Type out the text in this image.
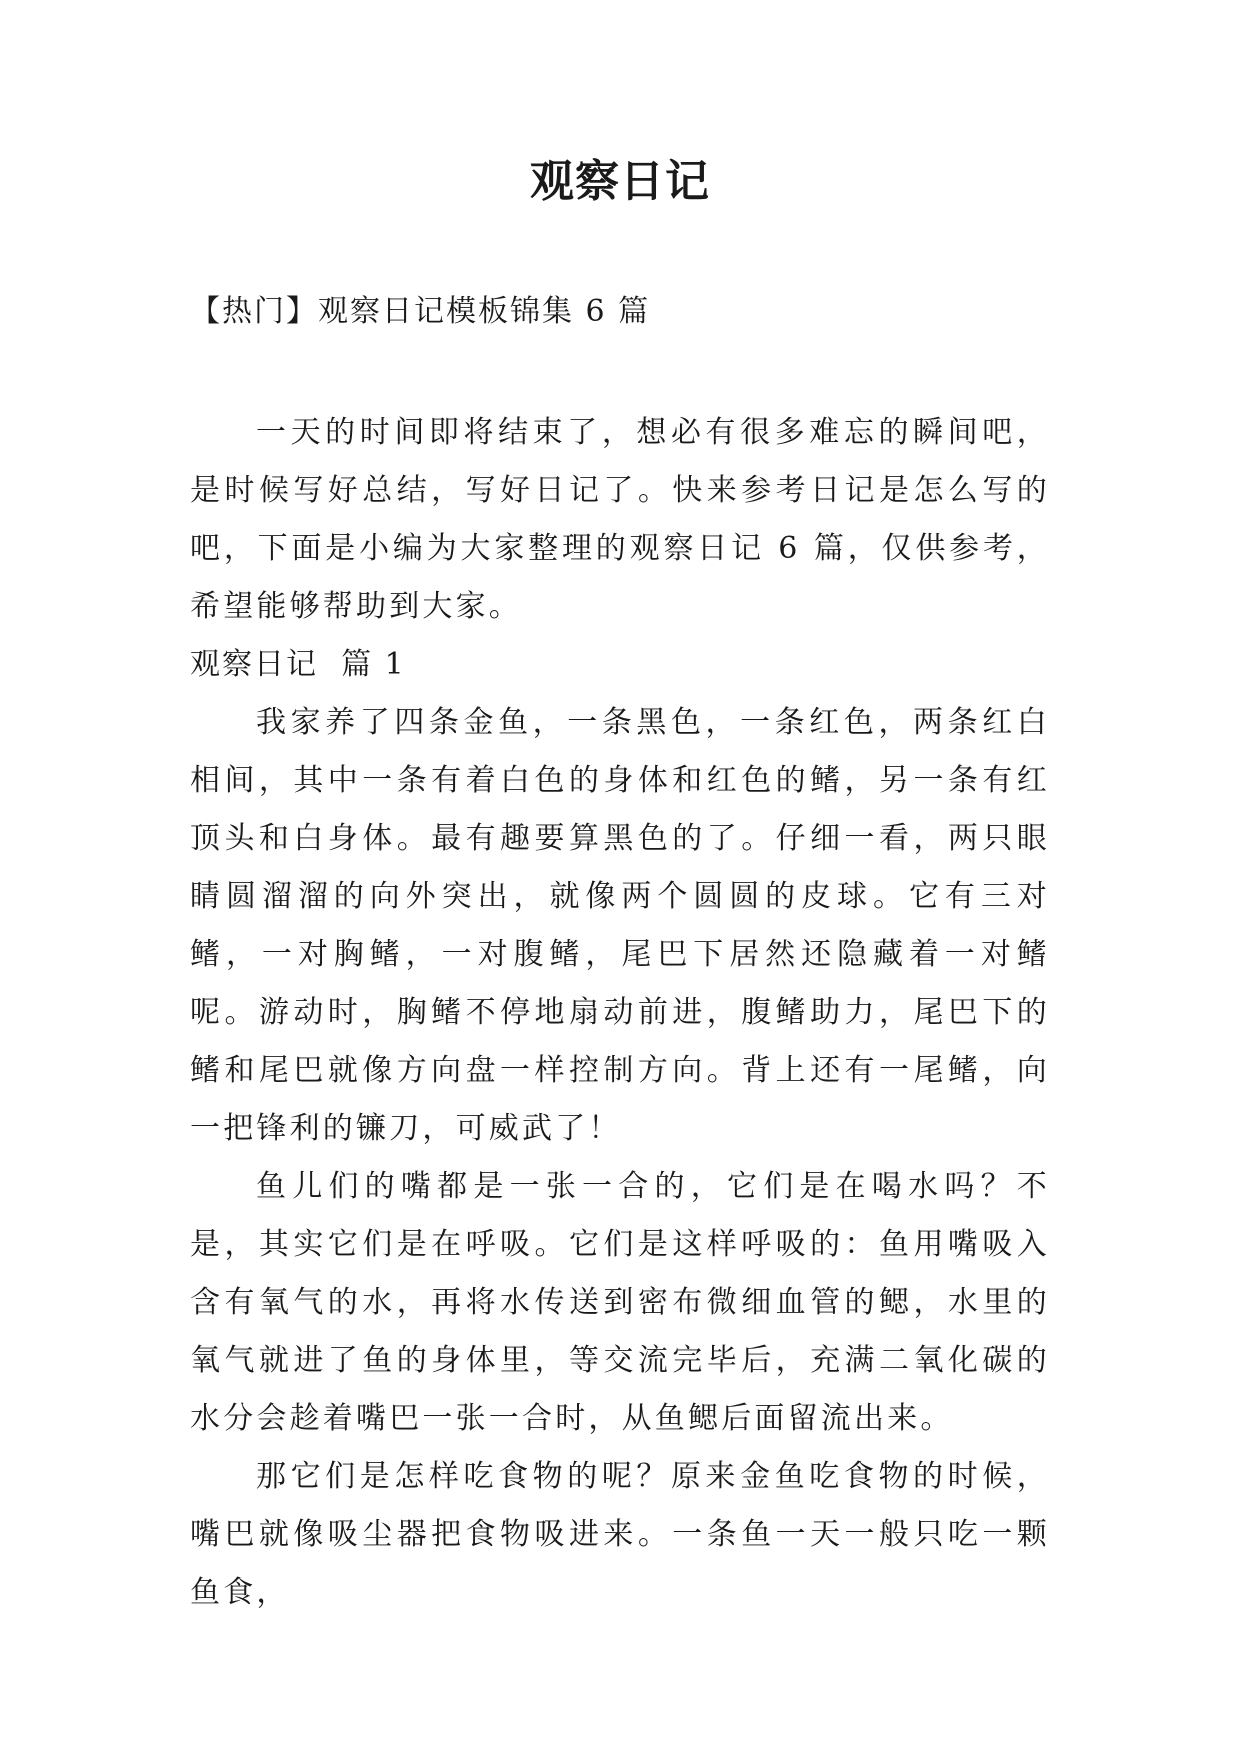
观察日记

【热门】观察日记模板锦集 6 篇

一天的时间即将结束了，想必有很多难忘的瞬间吧，是时候写好总结，写好日记了。快来参考日记是怎么写的吧，下面是小编为大家整理的观察日记 6 篇，仅供参考，希望能够帮助到大家。

观察日记  篇 1

我家养了四条金鱼，一条黑色，一条红色，两条红白相间，其中一条有着白色的身体和红色的鳍，另一条有红顶头和白身体。最有趣要算黑色的了。仔细一看，两只眼睛圆溜溜的向外突出，就像两个圆圆的皮球。它有三对鳍，一对胸鳍，一对腹鳍，尾巴下居然还隐藏着一对鳍呢。游动时，胸鳍不停地扇动前进，腹鳍助力，尾巴下的鳍和尾巴就像方向盘一样控制方向。背上还有一尾鳍，向一把锋利的镰刀，可威武了！

鱼儿们的嘴都是一张一合的，它们是在喝水吗？不是，其实它们是在呼吸。它们是这样呼吸的：鱼用嘴吸入含有氧气的水，再将水传送到密布微细血管的鳃，水里的氧气就进了鱼的身体里，等交流完毕后，充满二氧化碳的水分会趁着嘴巴一张一合时，从鱼鳃后面留流出来。

那它们是怎样吃食物的呢？原来金鱼吃食物的时候，嘴巴就像吸尘器把食物吸进来。一条鱼一天一般只吃一颗鱼食，
